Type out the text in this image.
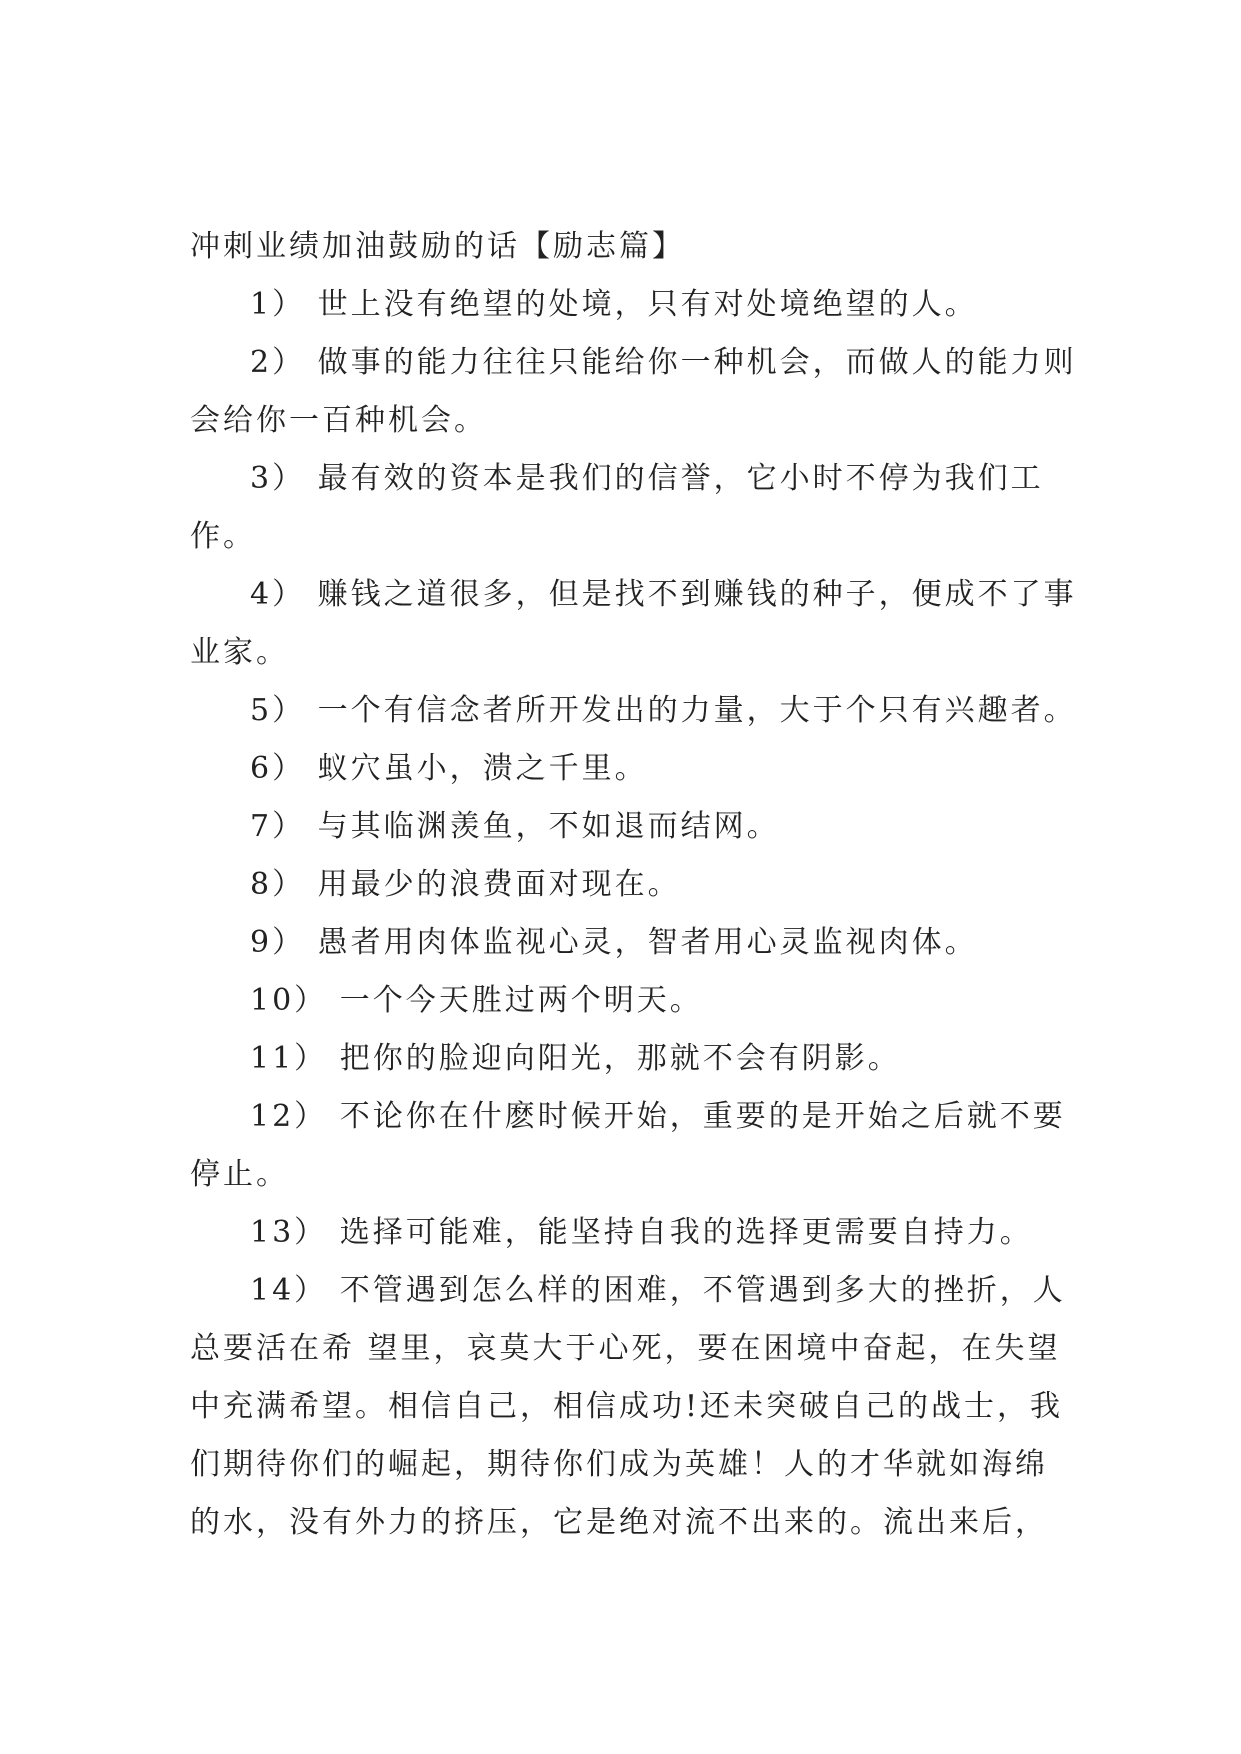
冲刺业绩加油鼓励的话【励志篇】

1） 世上没有绝望的处境，只有对处境绝望的人。

2） 做事的能力往往只能给你一种机会，而做人的能力则会给你一百种机会。

3） 最有效的资本是我们的信誉，它小时不停为我们工作。

4） 赚钱之道很多，但是找不到赚钱的种子，便成不了事业家。

5） 一个有信念者所开发出的力量，大于个只有兴趣者。

6） 蚁穴虽小，溃之千里。

7） 与其临渊羡鱼，不如退而结网。

8） 用最少的浪费面对现在。

9） 愚者用肉体监视心灵，智者用心灵监视肉体。

10） 一个今天胜过两个明天。

11） 把你的脸迎向阳光，那就不会有阴影。

12） 不论你在什麽时候开始，重要的是开始之后就不要停止。

13） 选择可能难，能坚持自我的选择更需要自持力。

14） 不管遇到怎么样的困难，不管遇到多大的挫折，人总要活在希 望里，哀莫大于心死，要在困境中奋起，在失望中充满希望。相信自己，相信成功!还未突破自己的战士，我们期待你们的崛起，期待你们成为英雄！人的才华就如海绵的水，没有外力的挤压，它是绝对流不出来的。流出来后，
